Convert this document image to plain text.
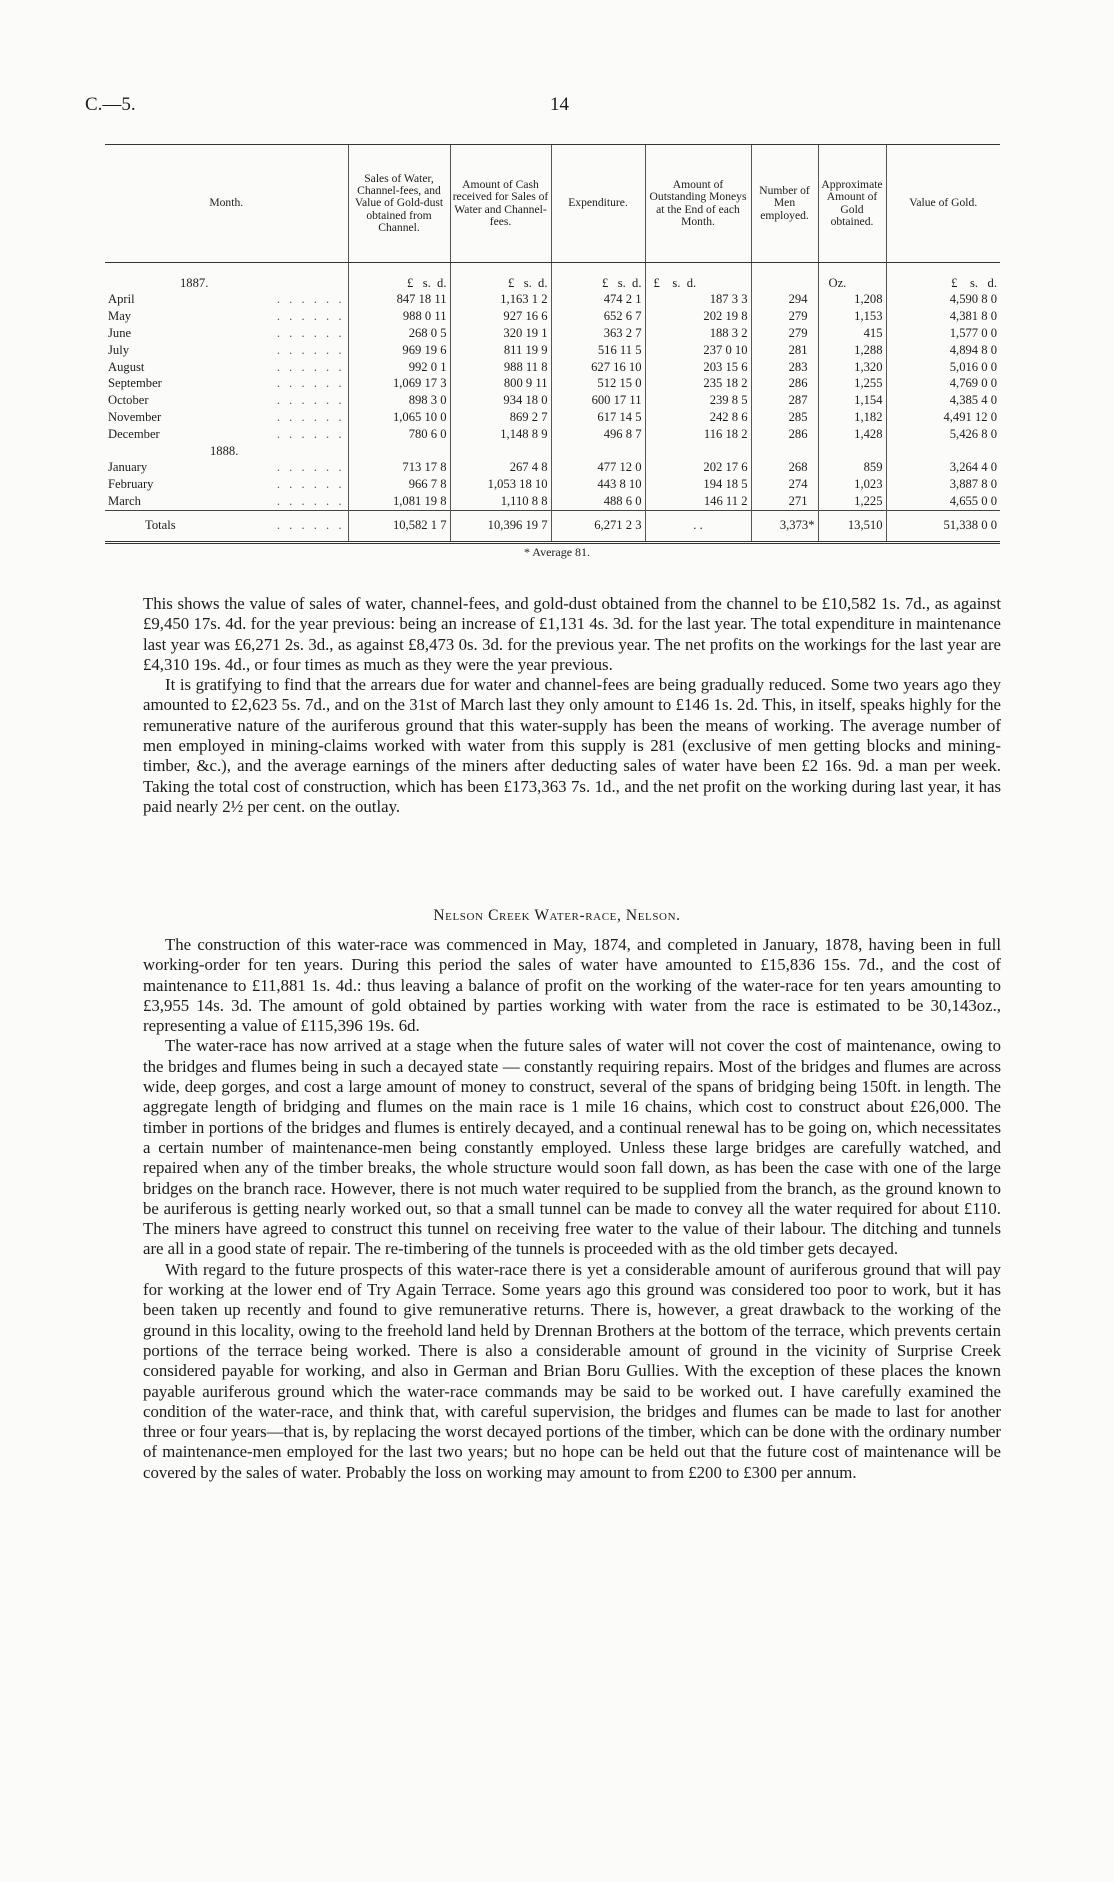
C.—5.	14
Month.	Sales of Water, Channel-fees, and Value of Gold-dust obtained from Channel.	Amount of Cash received for Sales of Water and Channel-fees.	Expenditure.	Amount of Outstanding Moneys at the End of each Month.	Number of Men employed.	Approximate Amount of Gold obtained.	Value of Gold.
1887.	£ s. d.	£ s. d.	£ s. d.	£ s. d.		Oz.	£ s. d.
April . . . . . .	847 18 11	1,163 1 2	474 2 1	187 3 3	294	1,208	4,590 8 0
May . . . . . .	988 0 11	927 16 6	652 6 7	202 19 8	279	1,153	4,381 8 0
June . . . . . .	268 0 5	320 19 1	363 2 7	188 3 2	279	415	1,577 0 0
July . . . . . .	969 19 6	811 19 9	516 11 5	237 0 10	281	1,288	4,894 8 0
August . . . . . .	992 0 1	988 11 8	627 16 10	203 15 6	283	1,320	5,016 0 0
September . . . . . .	1,069 17 3	800 9 11	512 15 0	235 18 2	286	1,255	4,769 0 0
October . . . . . .	898 3 0	934 18 0	600 17 11	239 8 5	287	1,154	4,385 4 0
November . . . . . .	1,065 10 0	869 2 7	617 14 5	242 8 6	285	1,182	4,491 12 0
December . . . . . .	780 6 0	1,148 8 9	496 8 7	116 18 2	286	1,428	5,426 8 0
1888.							
January . . . . . .	713 17 8	267 4 8	477 12 0	202 17 6	268	859	3,264 4 0
February . . . . . .	966 7 8	1,053 18 10	443 8 10	194 18 5	274	1,023	3,887 8 0
March . . . . . .	1,081 19 8	1,110 8 8	488 6 0	146 11 2	271	1,225	4,655 0 0
Totals . . . . . .	10,582 1 7	10,396 19 7	6,271 2 3	. .	3,373*	13,510	51,338 0 0
* Average 81.

This shows the value of sales of water, channel-fees, and gold-dust obtained from the channel to be £10,582 1s. 7d., as against £9,450 17s. 4d. for the year previous: being an increase of £1,131 4s. 3d. for the last year. The total expenditure in maintenance last year was £6,271 2s. 3d., as against £8,473 0s. 3d. for the previous year. The net profits on the workings for the last year are £4,310 19s. 4d., or four times as much as they were the year previous.

It is gratifying to find that the arrears due for water and channel-fees are being gradually reduced. Some two years ago they amounted to £2,623 5s. 7d., and on the 31st of March last they only amount to £146 1s. 2d. This, in itself, speaks highly for the remunerative nature of the auriferous ground that this water-supply has been the means of working. The average number of men employed in mining-claims worked with water from this supply is 281 (exclusive of men getting blocks and mining-timber, &c.), and the average earnings of the miners after deducting sales of water have been £2 16s. 9d. a man per week. Taking the total cost of construction, which has been £173,363 7s. 1d., and the net profit on the working during last year, it has paid nearly 2½ per cent. on the outlay.

Nelson Creek Water-race, Nelson.

The construction of this water-race was commenced in May, 1874, and completed in January, 1878, having been in full working-order for ten years. During this period the sales of water have amounted to £15,836 15s. 7d., and the cost of maintenance to £11,881 1s. 4d.: thus leaving a balance of profit on the working of the water-race for ten years amounting to £3,955 14s. 3d. The amount of gold obtained by parties working with water from the race is estimated to be 30,143oz., representing a value of £115,396 19s. 6d.

The water-race has now arrived at a stage when the future sales of water will not cover the cost of maintenance, owing to the bridges and flumes being in such a decayed state — constantly requiring repairs. Most of the bridges and flumes are across wide, deep gorges, and cost a large amount of money to construct, several of the spans of bridging being 150ft. in length. The aggregate length of bridging and flumes on the main race is 1 mile 16 chains, which cost to construct about £26,000. The timber in portions of the bridges and flumes is entirely decayed, and a continual renewal has to be going on, which necessitates a certain number of maintenance-men being constantly employed. Unless these large bridges are carefully watched, and repaired when any of the timber breaks, the whole structure would soon fall down, as has been the case with one of the large bridges on the branch race. However, there is not much water required to be supplied from the branch, as the ground known to be auriferous is getting nearly worked out, so that a small tunnel can be made to convey all the water required for about £110. The miners have agreed to construct this tunnel on receiving free water to the value of their labour. The ditching and tunnels are all in a good state of repair. The re-timbering of the tunnels is proceeded with as the old timber gets decayed.

With regard to the future prospects of this water-race there is yet a considerable amount of auriferous ground that will pay for working at the lower end of Try Again Terrace. Some years ago this ground was considered too poor to work, but it has been taken up recently and found to give remunerative returns. There is, however, a great drawback to the working of the ground in this locality, owing to the freehold land held by Drennan Brothers at the bottom of the terrace, which prevents certain portions of the terrace being worked. There is also a considerable amount of ground in the vicinity of Surprise Creek considered payable for working, and also in German and Brian Boru Gullies. With the exception of these places the known payable auriferous ground which the water-race commands may be said to be worked out. I have carefully examined the condition of the water-race, and think that, with careful supervision, the bridges and flumes can be made to last for another three or four years—that is, by replacing the worst decayed portions of the timber, which can be done with the ordinary number of maintenance-men employed for the last two years; but no hope can be held out that the future cost of maintenance will be covered by the sales of water. Probably the loss on working may amount to from £200 to £300 per annum.
